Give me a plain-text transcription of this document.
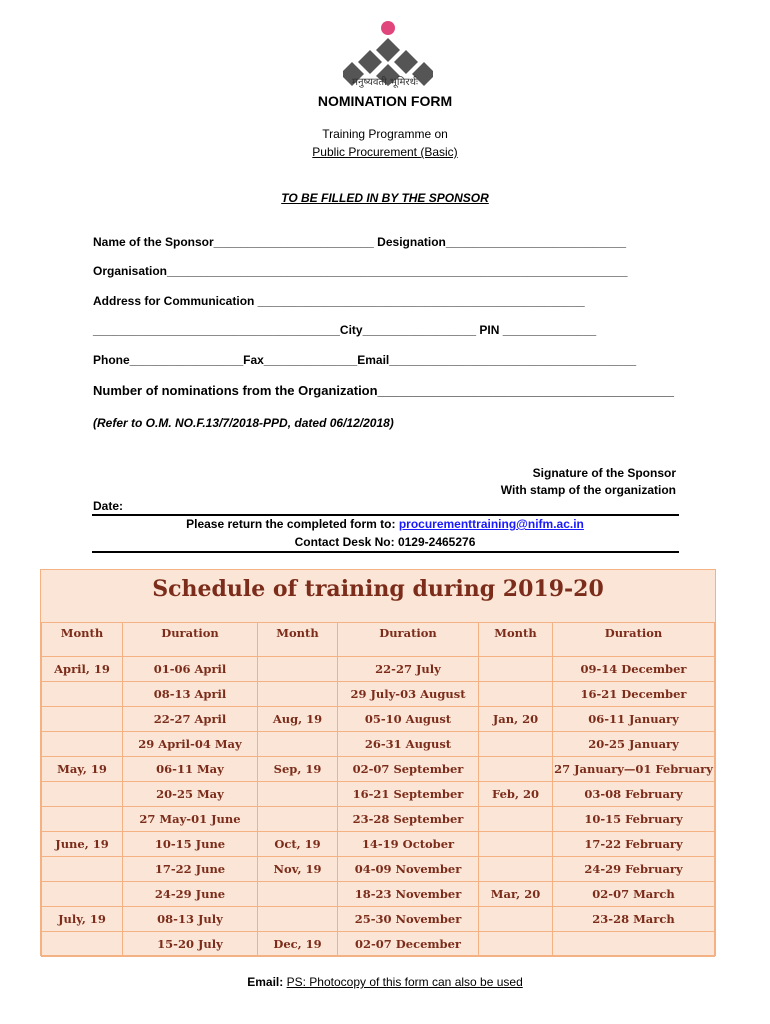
मनुष्यवती भूमिरर्थः
NOMINATION FORM
Training Programme on
Public Procurement (Basic)
TO BE FILLED IN BY THE SPONSOR
Name of the Sponsor________________________ Designation___________________________
Organisation_____________________________________________________________________
Address for Communication _________________________________________________
_____________________________________City_________________ PIN ______________
Phone_________________Fax______________Email_____________________________________
Number of nominations from the Organization_________________________________________
(Refer to O.M. NO.F.13/7/2018-PPD, dated 06/12/2018)
Signature of the Sponsor
With stamp of the organization
Date:
Please return the completed form to: procurementtraining@nifm.ac.in
Contact Desk No: 0129-2465276
Schedule of training during 2019-20
Month	Duration	Month	Duration	Month	Duration
April, 19	01-06 April		22-27 July		09-14 December
	08-13 April		29 July-03 August		16-21 December
	22-27 April	Aug, 19	05-10 August	Jan, 20	06-11 January
	29 April-04 May		26-31 August		20-25 January
May, 19	06-11 May	Sep, 19	02-07 September		27 January—01 February
	20-25 May		16-21 September	Feb, 20	03-08 February
	27 May-01 June		23-28 September		10-15 February
June, 19	10-15 June	Oct, 19	14-19 October		17-22 February
	17-22 June	Nov, 19	04-09 November		24-29 February
	24-29 June		18-23 November	Mar, 20	02-07 March
July, 19	08-13 July		25-30 November		23-28 March
	15-20 July	Dec, 19	02-07 December		
Email: PS: Photocopy of this form can also be used
